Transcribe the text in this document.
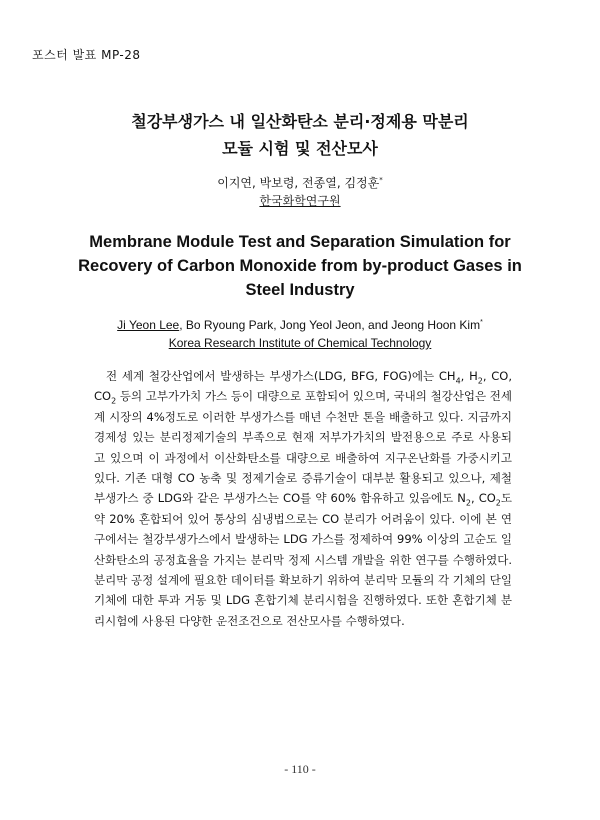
포스터 발표 MP-28
철강부생가스 내 일산화탄소 분리·정제용 막분리
모듈 시험 및 전산모사
이지연, 박보령, 전종열, 김정훈*
한국화학연구원
Membrane Module Test and Separation Simulation for
Recovery of Carbon Monoxide from by-product Gases in
Steel Industry
Ji Yeon Lee, Bo Ryoung Park, Jong Yeol Jeon, and Jeong Hoon Kim*
Korea Research Institute of Chemical Technology

전 세계 철강산업에서 발생하는 부생가스(LDG, BFG, FOG)에는 $CH_4$, $H_2$, CO, $CO_2$ 등의 고부가가치 가스 등이 대량으로 포함되어 있으며, 국내의 철강산업은 전세계 시장의 4%정도로 이러한 부생가스를 매년 수천만 톤을 배출하고 있다. 지금까지 경제성 있는 분리정제기술의 부족으로 현재 저부가가치의 발전용으로 주로 사용되고 있으며 이 과정에서 이산화탄소를 대량으로 배출하여 지구온난화를 가중시키고 있다. 기존 대형 CO 농축 및 정제기술로 증류기술이 대부분 활용되고 있으나, 제철 부생가스 중 LDG와 같은 부생가스는 CO를 약 60% 함유하고 있음에도 $N_2$, $CO_2$도 약 20% 혼합되어 있어 통상의 심냉법으로는 CO 분리가 어려움이 있다. 이에 본 연구에서는 철강부생가스에서 발생하는 LDG 가스를 정제하여 99% 이상의 고순도 일산화탄소의 공정효율을 가지는 분리막 정제 시스템 개발을 위한 연구를 수행하였다. 분리막 공정 설계에 필요한 데이터를 확보하기 위하여 분리막 모듈의 각 기체의 단일기체에 대한 투과 거동 및 LDG 혼합기체 분리시험을 진행하였다. 또한 혼합기체 분리시험에 사용된 다양한 운전조건으로 전산모사를 수행하였다.

- 110 -
